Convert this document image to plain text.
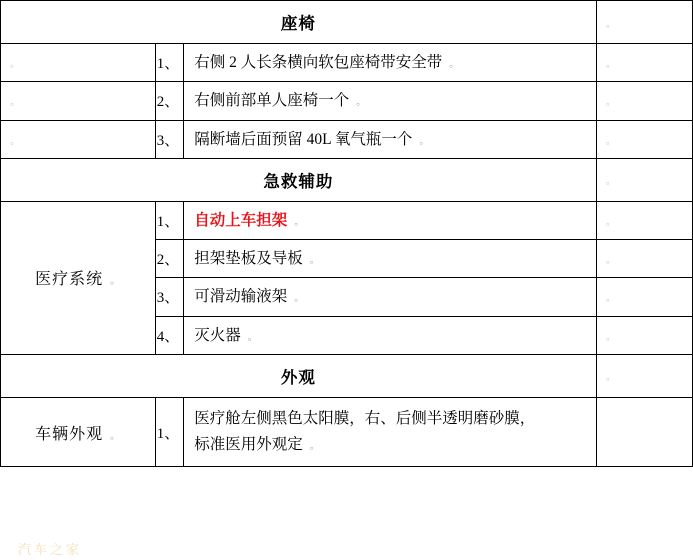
座椅			。

。	1、	右侧 2 人长条横向软包座椅带安全带 。	。

。	2、	右侧前部单人座椅一个 。	。

。	3、	隔断墙后面预留 40L 氧气瓶一个 。	。

急救辅助			。

医疗系统 。	1、	自动上车担架 。	。

	2、	担架垫板及导板 。	。

	3、	可滑动输液架 。	。

	4、	灭火器 。	。

外观			。

车辆外观 。	1、	医疗舱左侧黑色太阳膜，右、后侧半透明磨砂膜，
标准医用外观定 。	

汽车之家
